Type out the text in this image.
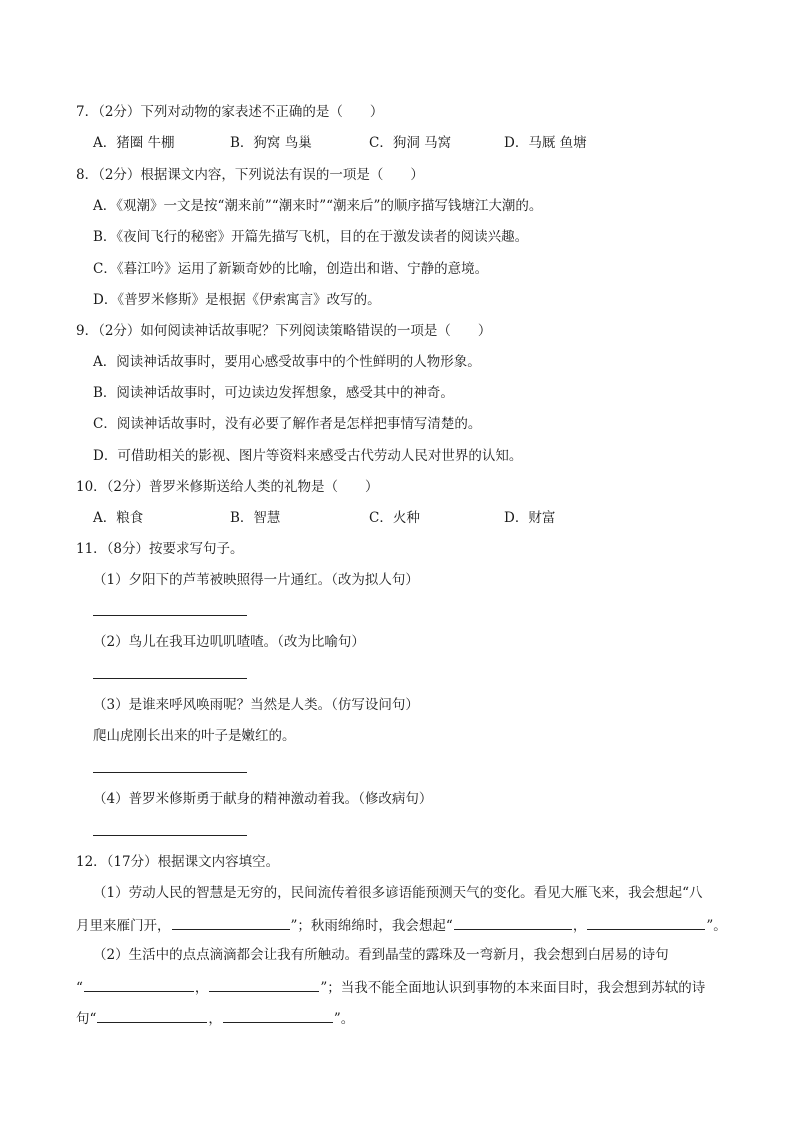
7．（2分）下列对动物的家表述不正确的是（　　）
A．猪圈 牛棚	B．狗窝 鸟巢	C．狗洞 马窝	D．马厩 鱼塘
8．（2分）根据课文内容，下列说法有误的一项是（　　）
A．《观潮》一文是按“潮来前”“潮来时”“潮来后”的顺序描写钱塘江大潮的。
B．《夜间飞行的秘密》开篇先描写飞机，目的在于激发读者的阅读兴趣。
C．《暮江吟》运用了新颖奇妙的比喻，创造出和谐、宁静的意境。
D．《普罗米修斯》是根据《伊索寓言》改写的。
9．（2分）如何阅读神话故事呢？下列阅读策略错误的一项是（　　）
A．阅读神话故事时，要用心感受故事中的个性鲜明的人物形象。
B．阅读神话故事时，可边读边发挥想象，感受其中的神奇。
C．阅读神话故事时，没有必要了解作者是怎样把事情写清楚的。
D．可借助相关的影视、图片等资料来感受古代劳动人民对世界的认知。
10．（2分）普罗米修斯送给人类的礼物是（　　）
A．粮食	B．智慧	C．火种	D．财富
11．（8分）按要求写句子。
（1）夕阳下的芦苇被映照得一片通红。（改为拟人句）
（2）鸟儿在我耳边叽叽喳喳。（改为比喻句）
（3）是谁来呼风唤雨呢？当然是人类。（仿写设问句）
爬山虎刚长出来的叶子是嫩红的。
（4）普罗米修斯勇于献身的精神激动着我。（修改病句）
12．（17分）根据课文内容填空。
（1）劳动人民的智慧是无穷的，民间流传着很多谚语能预测天气的变化。看见大雁飞来，我会想起“八
月里来雁门开，	”；秋雨绵绵时，我会想起“	，	”。
（2）生活中的点点滴滴都会让我有所触动。看到晶莹的露珠及一弯新月，我会想到白居易的诗句
“	，	”；当我不能全面地认识到事物的本来面目时，我会想到苏轼的诗
句“	，	”。
